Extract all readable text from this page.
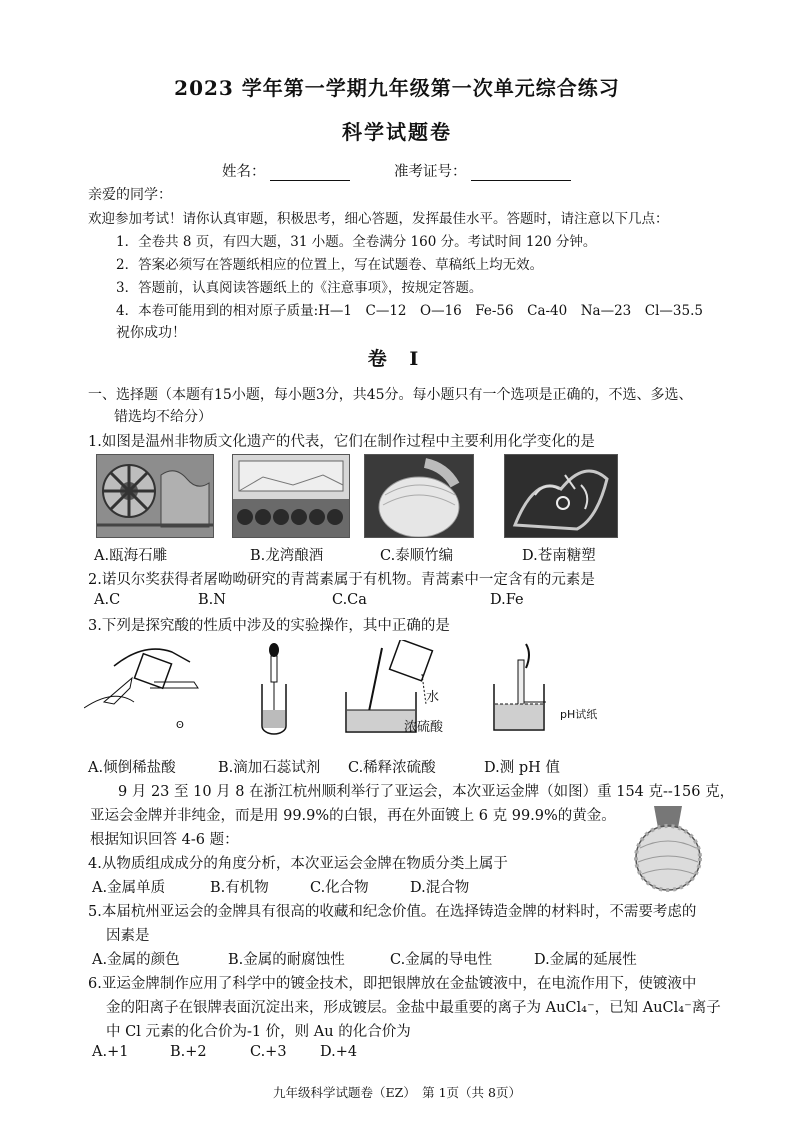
2023 学年第一学期九年级第一次单元综合练习
科学试题卷
姓名：	准考证号：
亲爱的同学：
欢迎参加考试！请你认真审题，积极思考，细心答题，发挥最佳水平。答题时，请注意以下几点：
1．全卷共 8 页，有四大题，31 小题。全卷满分 160 分。考试时间 120 分钟。
2．答案必须写在答题纸相应的位置上，写在试题卷、草稿纸上均无效。
3．答题前，认真阅读答题纸上的《注意事项》，按规定答题。
4．本卷可能用到的相对原子质量:H—1　C—12　O—16　Fe-56　Ca-40　Na—23　Cl—35.5
祝你成功！
卷 Ⅰ
一、选择题（本题有15小题，每小题3分，共45分。每小题只有一个选项是正确的，不选、多选、
错选均不给分）
1.如图是温州非物质文化遗产的代表，它们在制作过程中主要利用化学变化的是
A.瓯海石雕	B.龙湾酿酒	C.泰顺竹编	D.苍南糖塑
2.诺贝尔奖获得者屠呦呦研究的青蒿素属于有机物。青蒿素中一定含有的元素是
A.C	B.N	C.Ca	D.Fe
3.下列是探究酸的性质中涉及的实验操作，其中正确的是
ʘ
水
浓硫酸
pH试纸
A.倾倒稀盐酸	B.滴加石蕊试剂 C.稀释浓硫酸	D.测 pH 值
9 月 23 至 10 月 8 在浙江杭州顺利举行了亚运会，本次亚运金牌（如图）重 154 克--156 克，
亚运会金牌并非纯金，而是用 99.9%的白银，再在外面镀上 6 克 99.9%的黄金。
根据知识回答 4-6 题：
4.从物质组成成分的角度分析，本次亚运会金牌在物质分类上属于
A.金属单质	B.有机物	C.化合物	D.混合物
5.本届杭州亚运会的金牌具有很高的收藏和纪念价值。在选择铸造金牌的材料时，不需要考虑的
因素是
A.金属的颜色	B.金属的耐腐蚀性	C.金属的导电性	D.金属的延展性
6.亚运金牌制作应用了科学中的镀金技术，即把银牌放在金盐镀液中，在电流作用下，使镀液中
金的阳离子在银牌表面沉淀出来，形成镀层。金盐中最重要的离子为 AuCl₄⁻，已知 AuCl₄⁻离子
中 Cl 元素的化合价为-1 价，则 Au 的化合价为
A.+1	B.+2	C.+3 D.+4
九年级科学试题卷（EZ）　第 1页（共 8页）
